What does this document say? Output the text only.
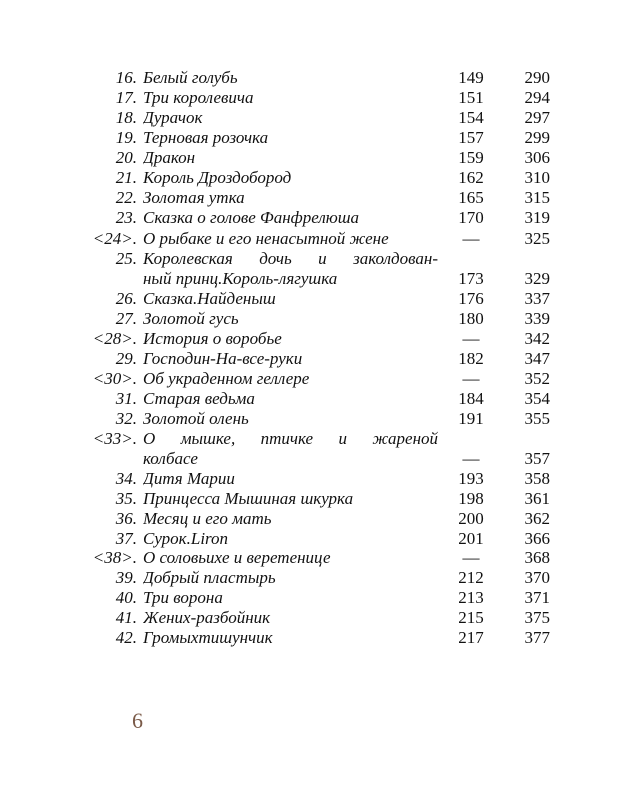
16. Белый голубь	149	290
17. Три королевича	151	294
18. Дурачок	154	297
19. Терновая розочка	157	299
20. Дракон	159	306
21. Король Дроздобород	162	310
22. Золотая утка	165	315
23. Сказка о голове Фанфрелюша	170	319
<24>. О рыбаке и его ненасытной жене	—	325
25. Королевская дочь и заколдован-
ный принц.Король-лягушка	173	329
26. Сказка.Найденыш	176	337
27. Золотой гусь	180	339
<28>. История о воробье	—	342
29. Господин-На-все-руки	182	347
<30>. Об украденном геллере	—	352
31. Старая ведьма	184	354
32. Золотой олень	191	355
<33>. О мышке, птичке и жареной
колбасе	—	357
34. Дитя Марии	193	358
35. Принцесса Мышиная шкурка	198	361
36. Месяц и его мать	200	362
37. Сурок.Liron	201	366
<38>. О соловьихе и веретенице	—	368
39. Добрый пластырь	212	370
40. Три ворона	213	371
41. Жених-разбойник	215	375
42. Громыхтишунчик	217	377
6
